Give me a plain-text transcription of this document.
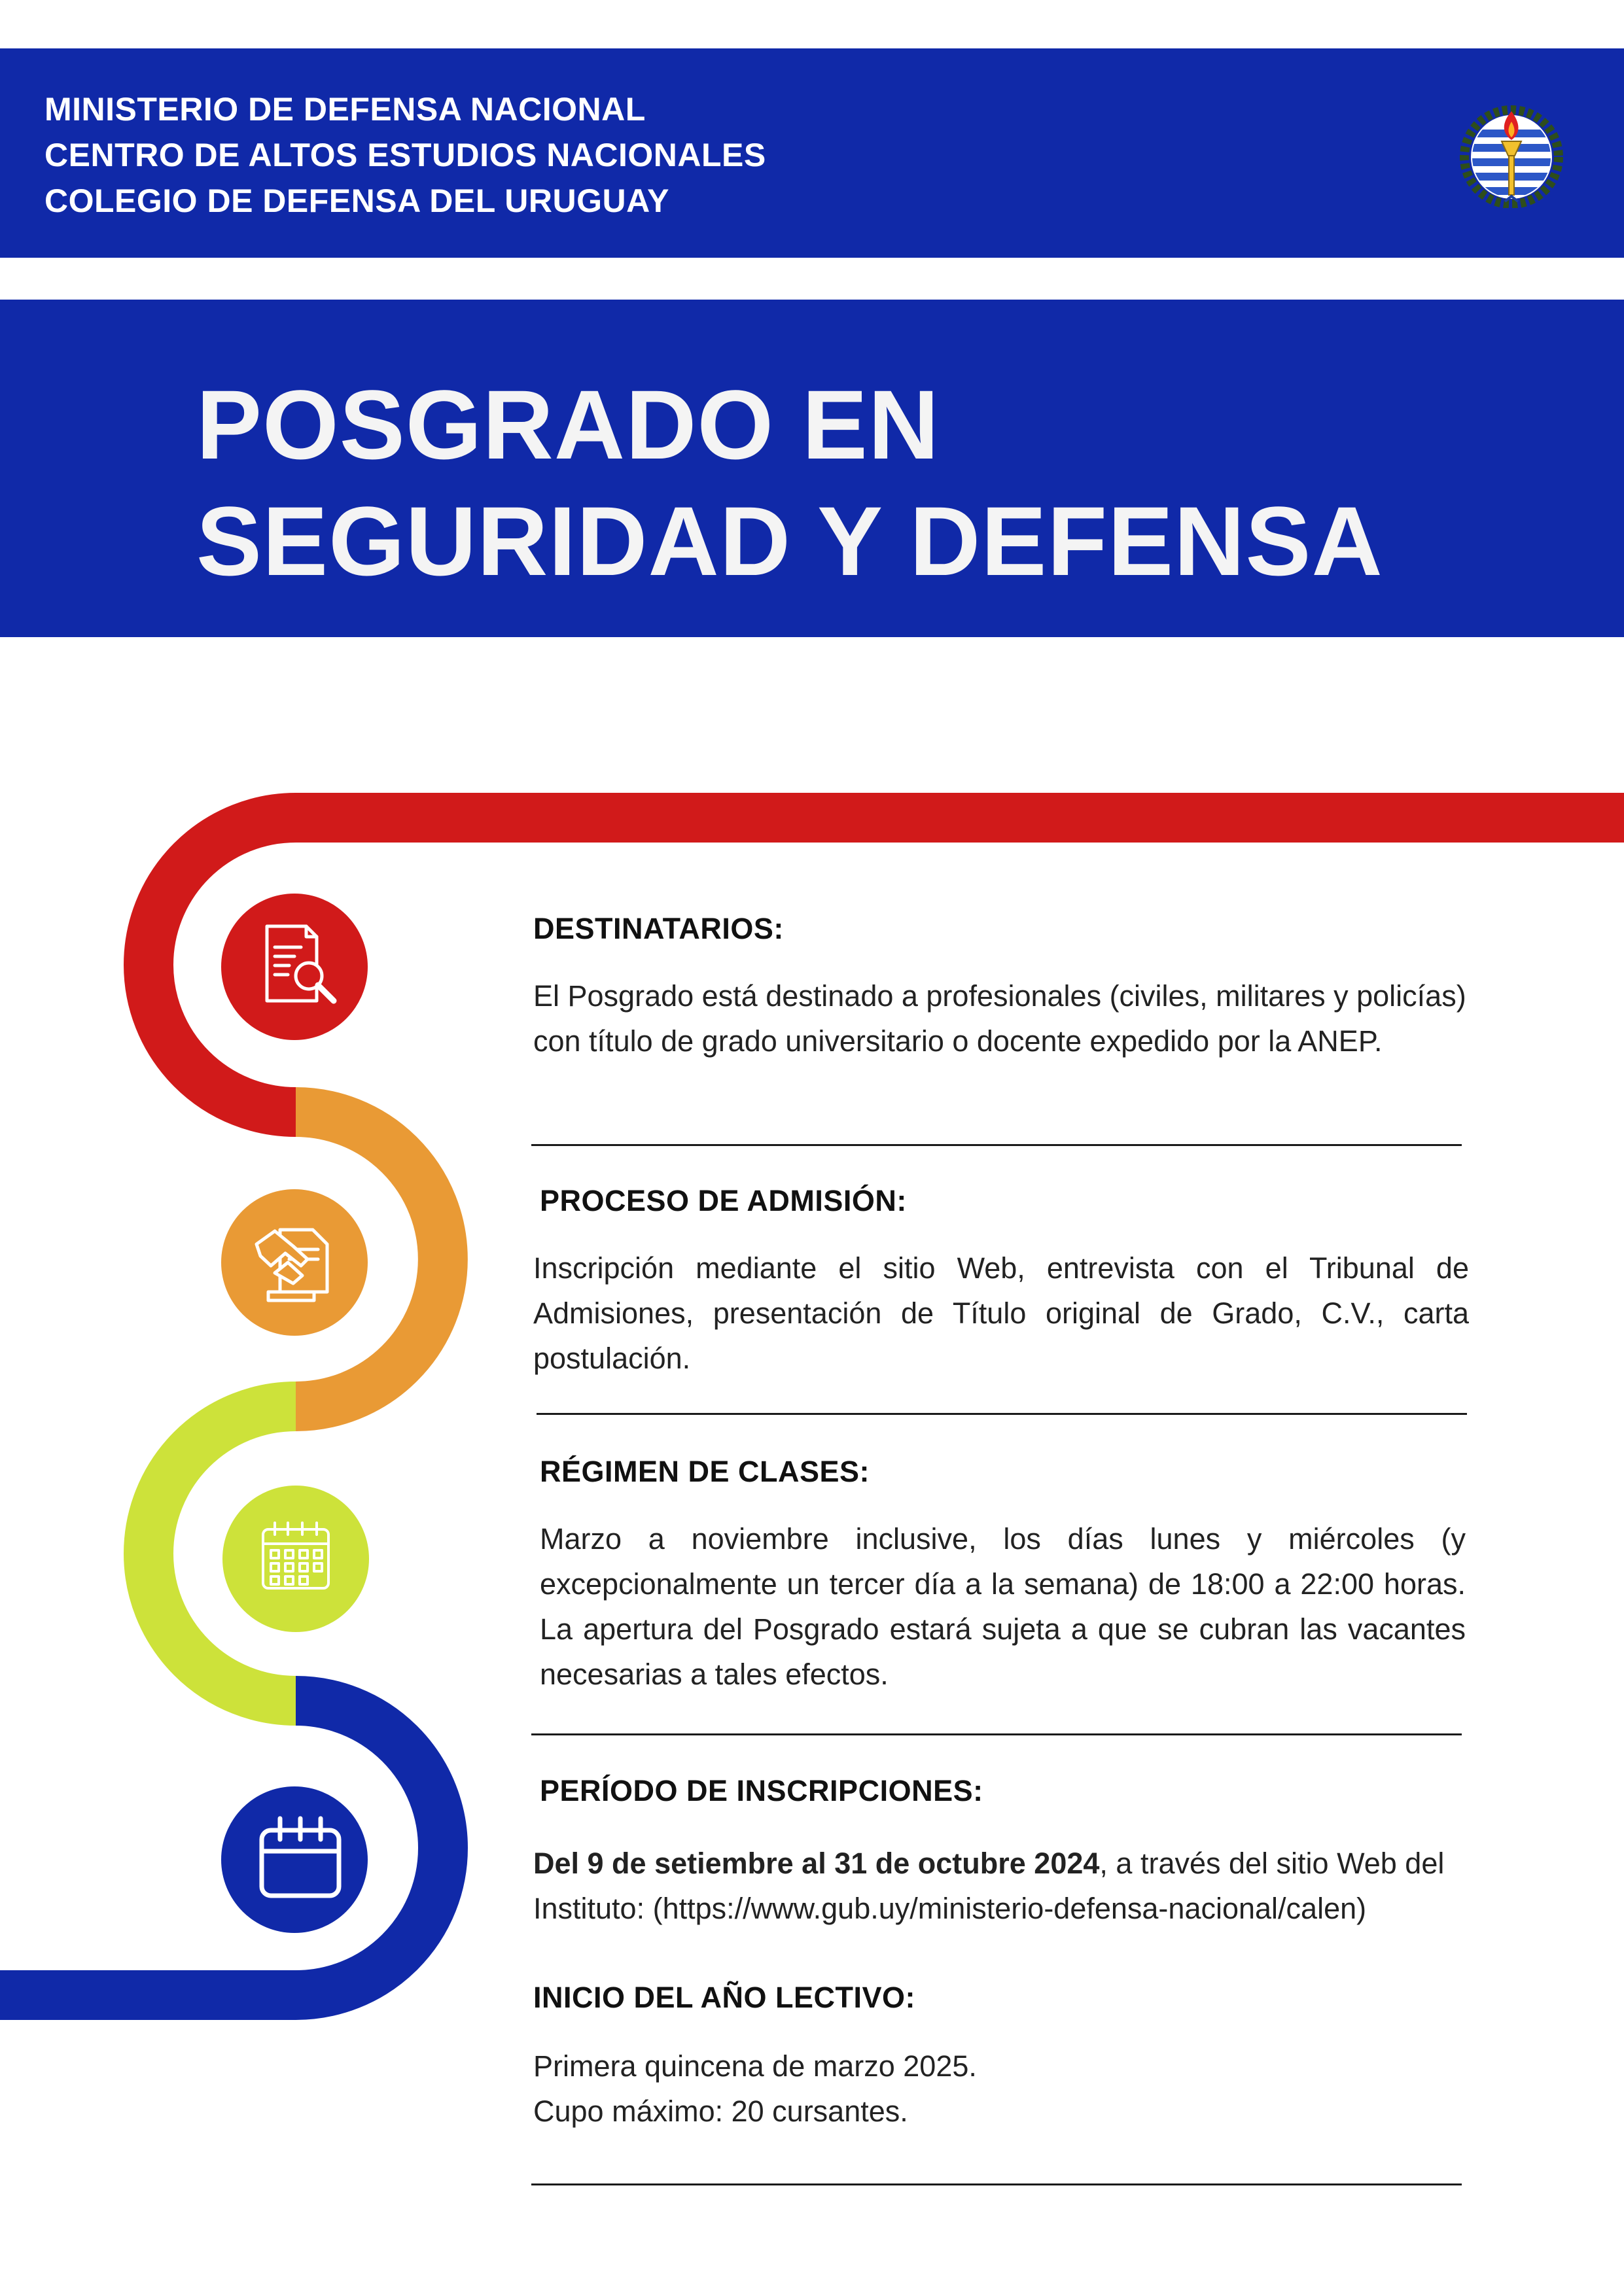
MINISTERIO DE DEFENSA NACIONAL
CENTRO DE ALTOS ESTUDIOS NACIONALES
COLEGIO DE DEFENSA DEL URUGUAY
POSGRADO EN
SEGURIDAD Y DEFENSA
DESTINATARIOS:

El Posgrado está destinado a profesionales (civiles, militares y policías) con título de grado universitario o docente expedido por la ANEP.

PROCESO DE ADMISIÓN:

Inscripción mediante el sitio Web, entrevista con el Tribunal de Admisiones, presentación de Título original de Grado, C.V., carta postulación.

RÉGIMEN DE CLASES:

Marzo a noviembre inclusive, los días lunes y miércoles (y excepcionalmente un tercer día a la semana) de 18:00 a 22:00 horas. La apertura del Posgrado estará sujeta a que se cubran las vacantes necesarias a tales efectos.

PERÍODO DE INSCRIPCIONES:

Del 9 de setiembre al 31 de octubre 2024, a través del sitio Web del Instituto: (https://www.gub.uy/ministerio-defensa-nacional/calen)

INICIO DEL AÑO LECTIVO:

Primera quincena de marzo 2025.

Cupo máximo: 20 cursantes.
